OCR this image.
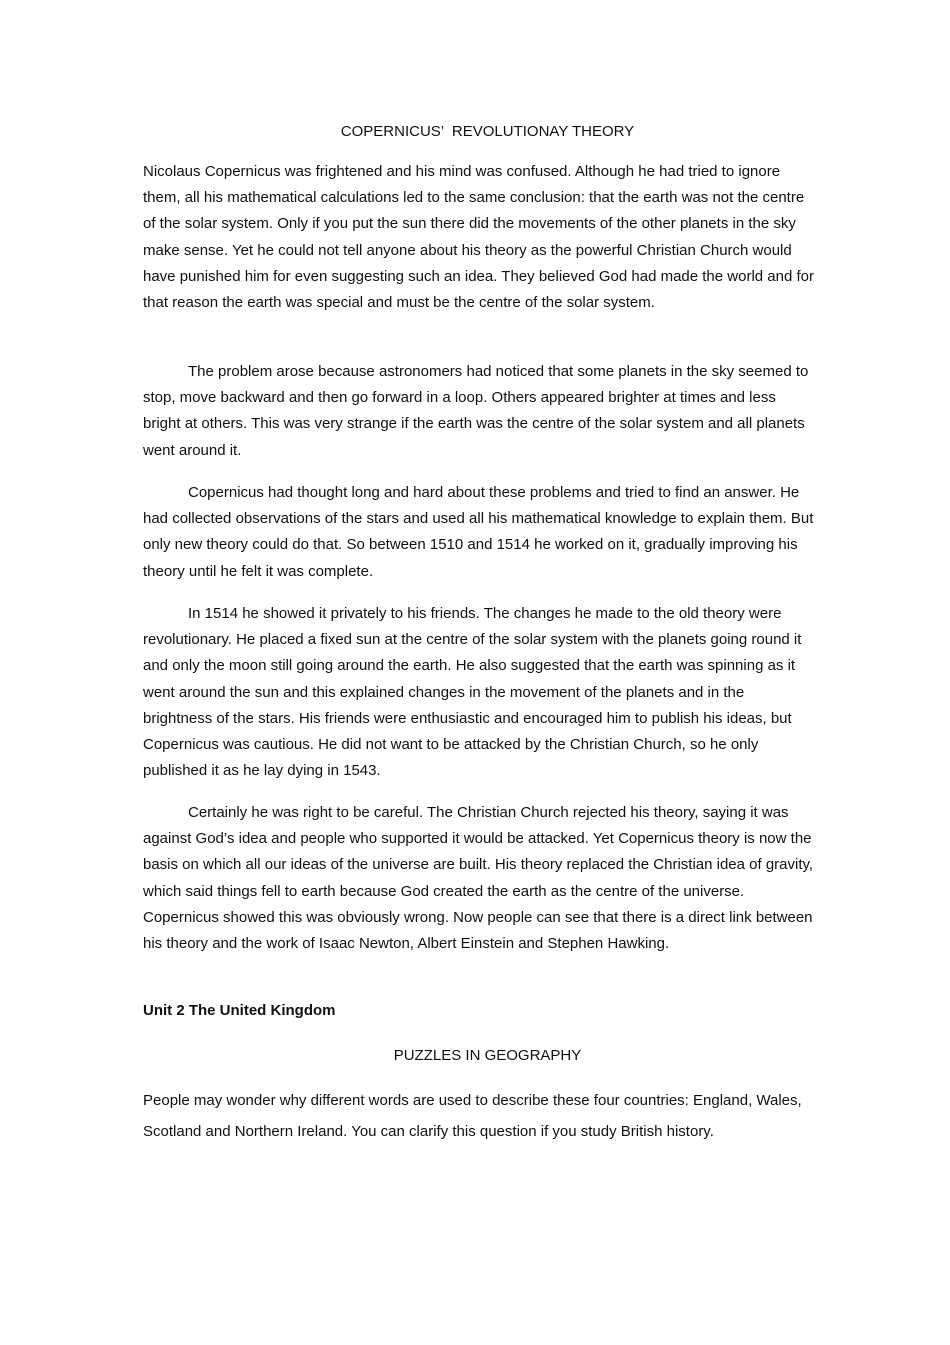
COPERNICUS’  REVOLUTIONAY THEORY

Nicolaus Copernicus was frightened and his mind was confused. Although he had tried to ignore them, all his mathematical calculations led to the same conclusion: that the earth was not the centre of the solar system. Only if you put the sun there did the movements of the other planets in the sky make sense. Yet he could not tell anyone about his theory as the powerful Christian Church would have punished him for even suggesting such an idea. They believed God had made the world and for that reason the earth was special and must be the centre of the solar system.

The problem arose because astronomers had noticed that some planets in the sky seemed to stop, move backward and then go forward in a loop. Others appeared brighter at times and less bright at others. This was very strange if the earth was the centre of the solar system and all planets went around it.

Copernicus had thought long and hard about these problems and tried to find an answer. He had collected observations of the stars and used all his mathematical knowledge to explain them. But only new theory could do that. So between 1510 and 1514 he worked on it, gradually improving his theory until he felt it was complete.

In 1514 he showed it privately to his friends. The changes he made to the old theory were revolutionary. He placed a fixed sun at the centre of the solar system with the planets going round it and only the moon still going around the earth. He also suggested that the earth was spinning as it went around the sun and this explained changes in the movement of the planets and in the brightness of the stars. His friends were enthusiastic and encouraged him to publish his ideas, but Copernicus was cautious. He did not want to be attacked by the Christian Church, so he only published it as he lay dying in 1543.

Certainly he was right to be careful. The Christian Church rejected his theory, saying it was against God’s idea and people who supported it would be attacked. Yet Copernicus theory is now the basis on which all our ideas of the universe are built. His theory replaced the Christian idea of gravity, which said things fell to earth because God created the earth as the centre of the universe. Copernicus showed this was obviously wrong. Now people can see that there is a direct link between his theory and the work of Isaac Newton, Albert Einstein and Stephen Hawking.

Unit 2 The United Kingdom
PUZZLES IN GEOGRAPHY

People may wonder why different words are used to describe these four countries: England, Wales, Scotland and Northern Ireland. You can clarify this question if you study British history.
